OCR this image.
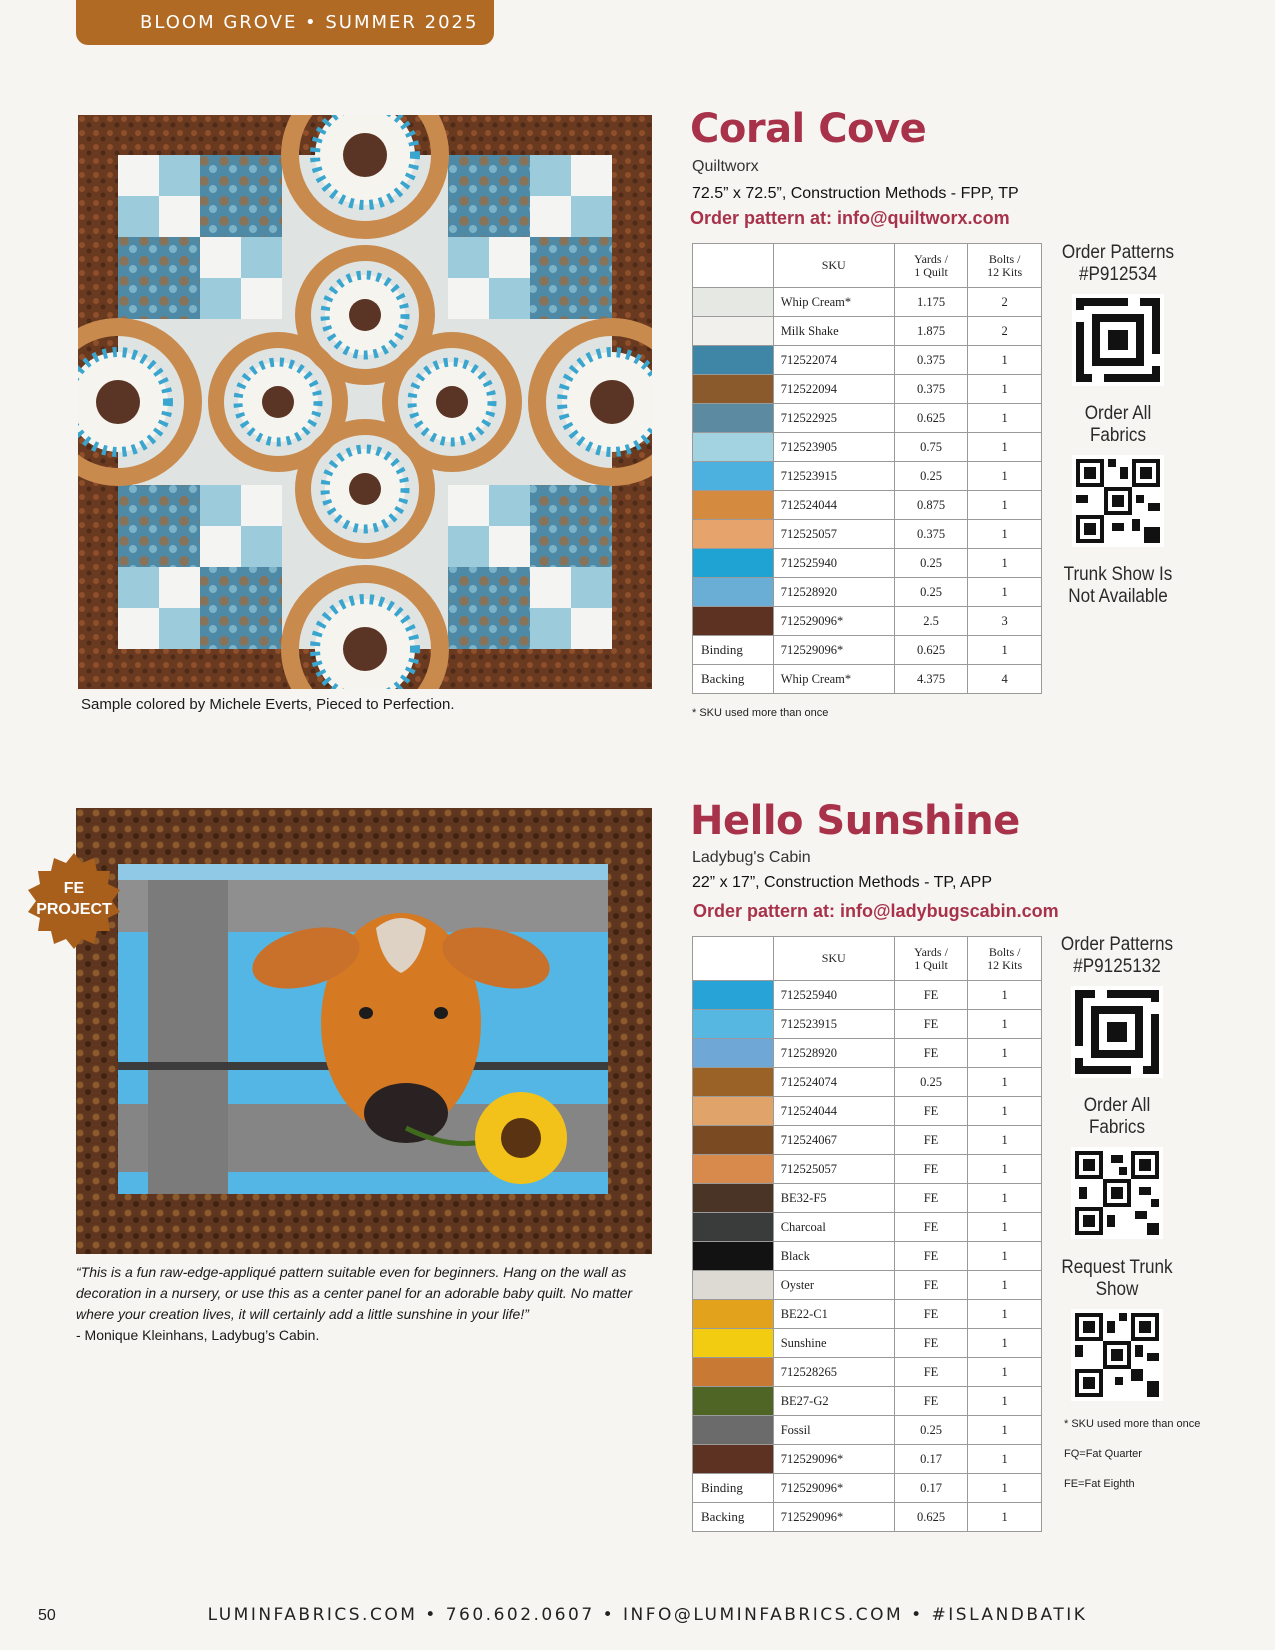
BLOOM GROVE • SUMMER 2025
Sample colored by Michele Everts, Pieced to Perfection.
Coral Cove
Quiltworx
72.5” x 72.5”, Construction Methods - FPP, TP
Order pattern at: info@quiltworx.com
	SKU	Yards /
1 Quilt	Bolts /
12 Kits

	Whip Cream*	1.175	2

	Milk Shake	1.875	2

	712522074	0.375	1

	712522094	0.375	1

	712522925	0.625	1

	712523905	0.75	1

	712523915	0.25	1

	712524044	0.875	1

	712525057	0.375	1

	712525940	0.25	1

	712528920	0.25	1

	712529096*	2.5	3
Binding	712529096*	0.625	1
Backing	Whip Cream*	4.375	4
* SKU used more than once
Order Patterns
#P912534
Order All
Fabrics
Trunk Show Is
Not Available
FE
PROJECT
“This is a fun raw-edge-appliqué pattern suitable even for beginners. Hang on the wall as
decoration in a nursery, or use this as a center panel for an adorable baby quilt. No matter
where your creation lives, it will certainly add a little sunshine in your life!”
- Monique Kleinhans, Ladybug’s Cabin.
Hello Sunshine
Ladybug's Cabin
22” x 17”, Construction Methods - TP, APP
Order pattern at: info@ladybugscabin.com
	SKU	Yards /
1 Quilt	Bolts /
12 Kits

	712525940	FE	1

	712523915	FE	1

	712528920	FE	1

	712524074	0.25	1

	712524044	FE	1

	712524067	FE	1

	712525057	FE	1

	BE32-F5	FE	1

	Charcoal	FE	1

	Black	FE	1

	Oyster	FE	1

	BE22-C1	FE	1

	Sunshine	FE	1

	712528265	FE	1

	BE27-G2	FE	1

	Fossil	0.25	1

	712529096*	0.17	1
Binding	712529096*	0.17	1
Backing	712529096*	0.625	1
Order Patterns
#P9125132
Order All
Fabrics
Request Trunk
Show
* SKU used more than once
FQ=Fat Quarter
FE=Fat Eighth
50	LUMINFABRICS.COM • 760.602.0607 • INFO@LUMINFABRICS.COM • #ISLANDBATIK
